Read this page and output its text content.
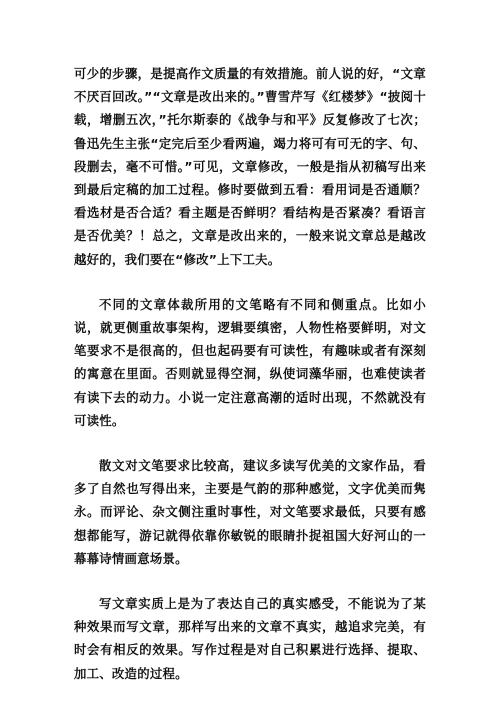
可少的步骤，是提高作文质量的有效措施。前人说的好，“文章不厌百回改。”“文章是改出来的。”曹雪芹写《红楼梦》“披阅十载，增删五次，”托尔斯泰的《战争与和平》反复修改了七次；鲁迅先生主张“定完后至少看两遍，竭力将可有可无的字、句、段删去，毫不可惜。”可见，文章修改，一般是指从初稿写出来到最后定稿的加工过程。修时要做到五看：看用词是否通顺？看选材是否合适？看主题是否鲜明？看结构是否紧凑？看语言是否优美？！总之，文章是改出来的，一般来说文章总是越改越好的，我们要在“修改”上下工夫。

不同的文章体裁所用的文笔略有不同和侧重点。比如小说，就更侧重故事架构，逻辑要缜密，人物性格要鲜明，对文笔要求不是很高的，但也起码要有可读性，有趣味或者有深刻的寓意在里面。否则就显得空洞，纵使词藻华丽，也难使读者有读下去的动力。小说一定注意高潮的适时出现，不然就没有可读性。

散文对文笔要求比较高，建议多读写优美的文家作品，看多了自然也写得出来，主要是气韵的那种感觉，文字优美而隽永。而评论、杂文侧注重时事性，对文笔要求最低，只要有感想都能写，游记就得依靠你敏锐的眼睛扑捉祖国大好河山的一幕幕诗情画意场景。

写文章实质上是为了表达自己的真实感受，不能说为了某种效果而写文章，那样写出来的文章不真实，越追求完美，有时会有相反的效果。写作过程是对自己积累进行选择、提取、加工、改造的过程。
